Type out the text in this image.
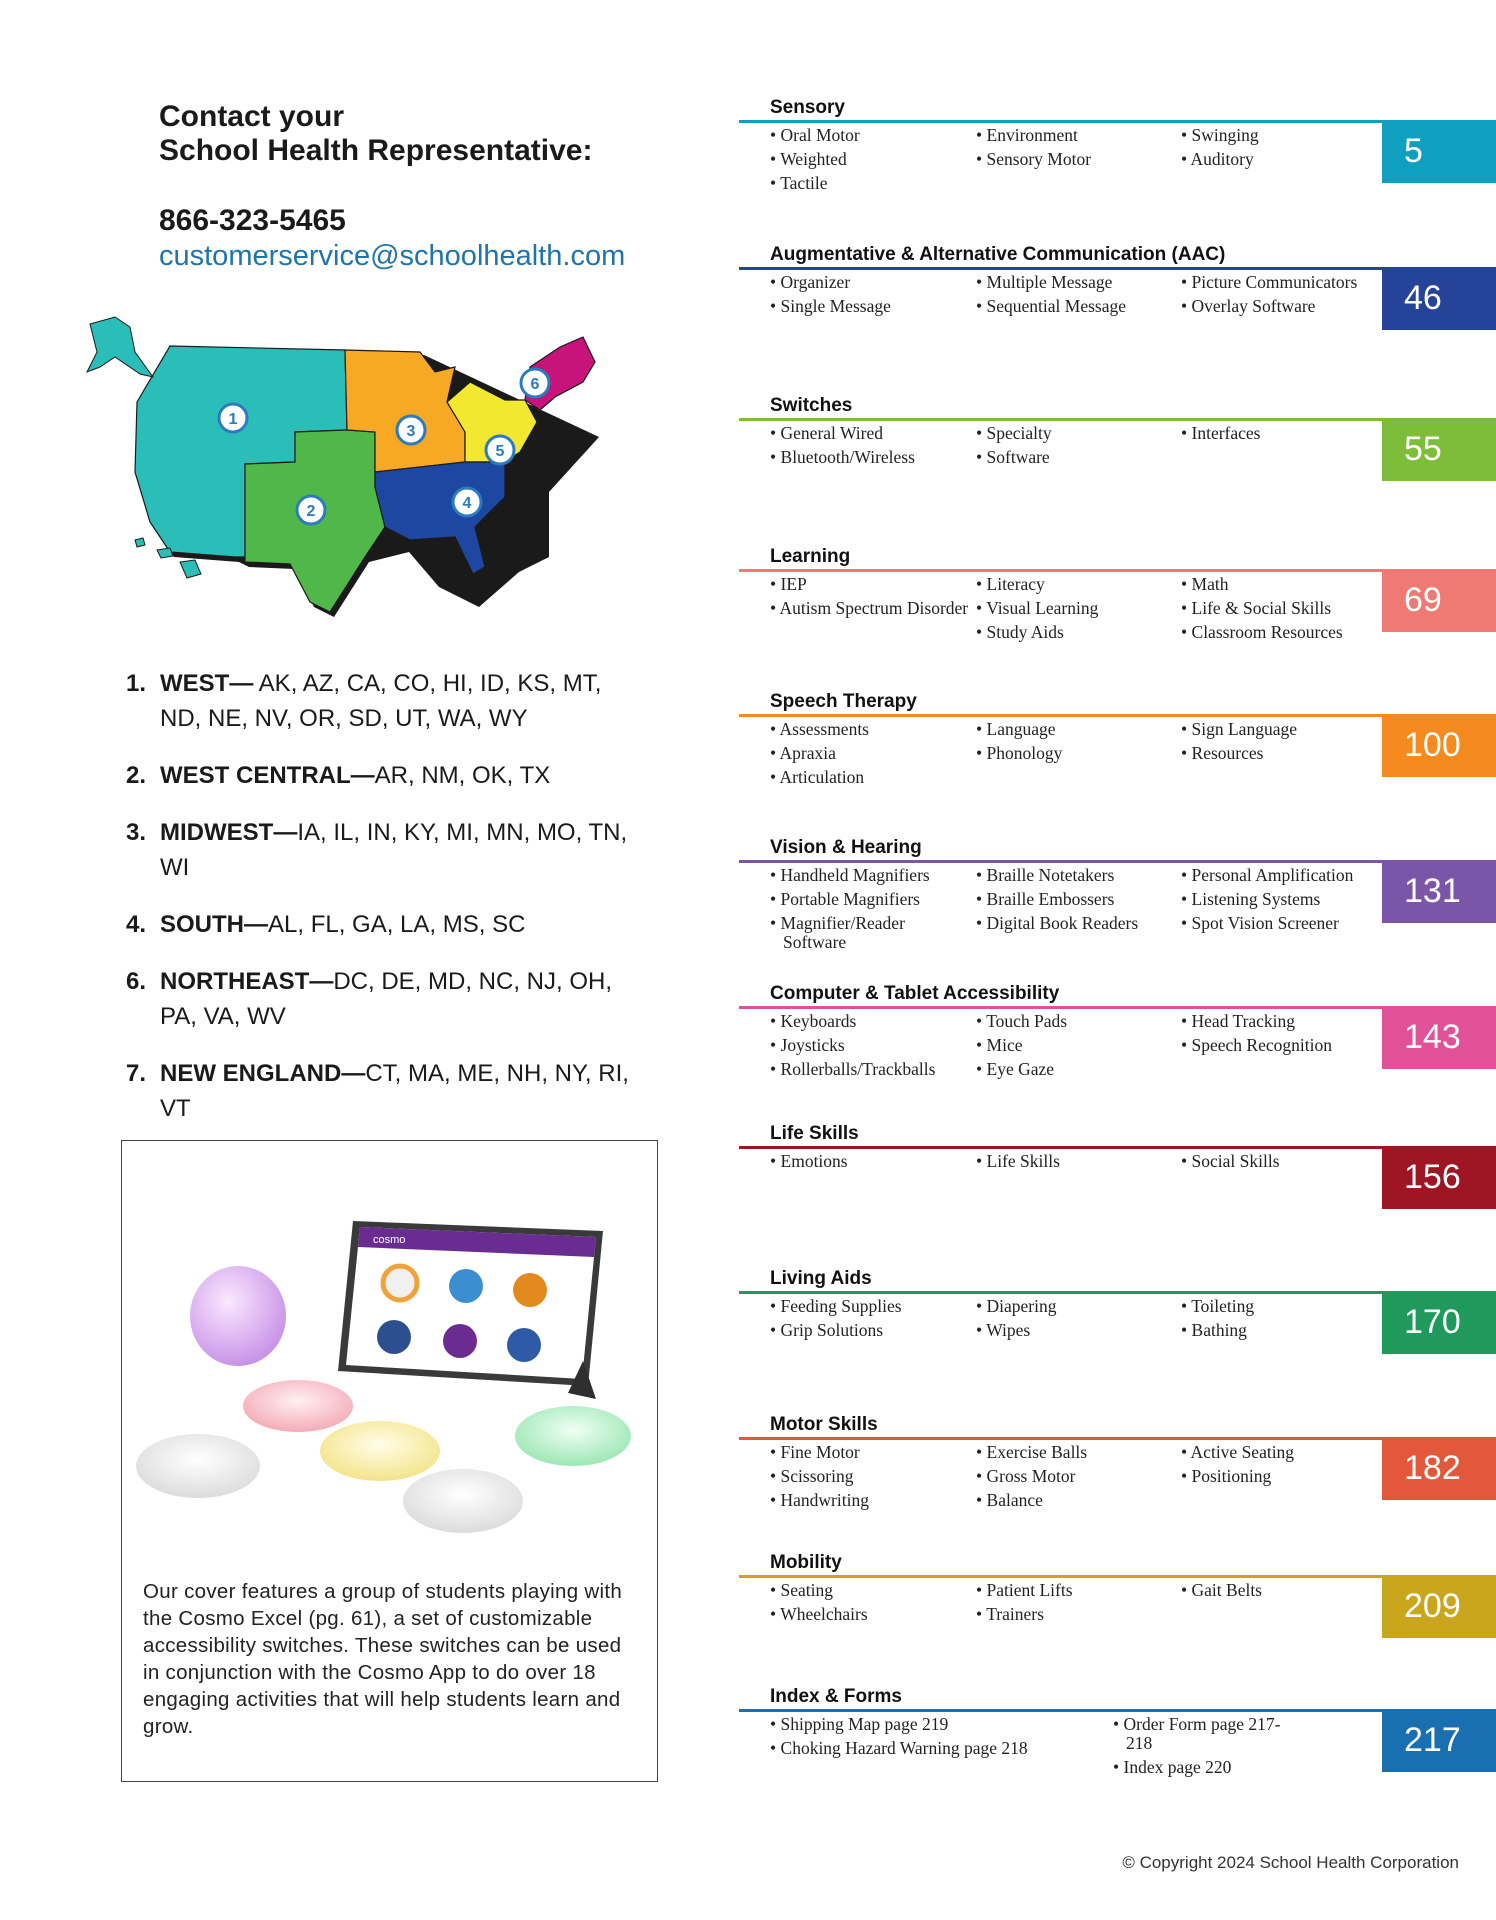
Contact your
School Health Representative:
866-323-5465
customerservice@schoolhealth.com
1
2
3
4
5
6
1. WEST— AK, AZ, CA, CO, HI, ID, KS, MT, ND, NE, NV, OR, SD, UT, WA, WY
2. WEST CENTRAL—AR, NM, OK, TX
3. MIDWEST—IA, IL, IN, KY, MI, MN, MO, TN, WI
4. SOUTH—AL, FL, GA, LA, MS, SC
6. NORTHEAST—DC, DE, MD, NC, NJ, OH, PA, VA, WV
7. NEW ENGLAND—CT, MA, ME, NH, NY, RI, VT
cosmo
Our cover features a group of students playing with the Cosmo Excel (pg. 61), a set of customizable accessibility switches. These switches can be used in conjunction with the Cosmo App to do over 18 engaging activities that will help students learn and grow.
Sensory
5
• Oral Motor
• Weighted
• Tactile
• Environment
• Sensory Motor
• Swinging
• Auditory
Augmentative & Alternative Communication (AAC)
46
• Organizer
• Single Message
• Multiple Message
• Sequential Message
• Picture Communicators
• Overlay Software
Switches
55
• General Wired
• Bluetooth/Wireless
• Specialty
• Software
• Interfaces
Learning
69
• IEP
• Autism Spectrum Disorder
• Literacy
• Visual Learning
• Study Aids
• Math
• Life & Social Skills
• Classroom Resources
Speech Therapy
100
• Assessments
• Apraxia
• Articulation
• Language
• Phonology
• Sign Language
• Resources
Vision & Hearing
131
• Handheld Magnifiers
• Portable Magnifiers
• Magnifier/Reader Software
• Braille Notetakers
• Braille Embossers
• Digital Book Readers
• Personal Amplification
• Listening Systems
• Spot Vision Screener
Computer & Tablet Accessibility
143
• Keyboards
• Joysticks
• Rollerballs/Trackballs
• Touch Pads
• Mice
• Eye Gaze
• Head Tracking
• Speech Recognition
Life Skills
156
• Emotions	• Life Skills	• Social Skills
Living Aids
170
• Feeding Supplies
• Grip Solutions
• Diapering
• Wipes
• Toileting
• Bathing
Motor Skills
182
• Fine Motor
• Scissoring
• Handwriting
• Exercise Balls
• Gross Motor
• Balance
• Active Seating
• Positioning
Mobility
209
• Seating
• Wheelchairs
• Patient Lifts
• Trainers
• Gait Belts
Index & Forms
217
• Shipping Map page 219
• Choking Hazard Warning page 218
• Order Form page 217-218
• Index page 220
© Copyright 2024 School Health Corporation
